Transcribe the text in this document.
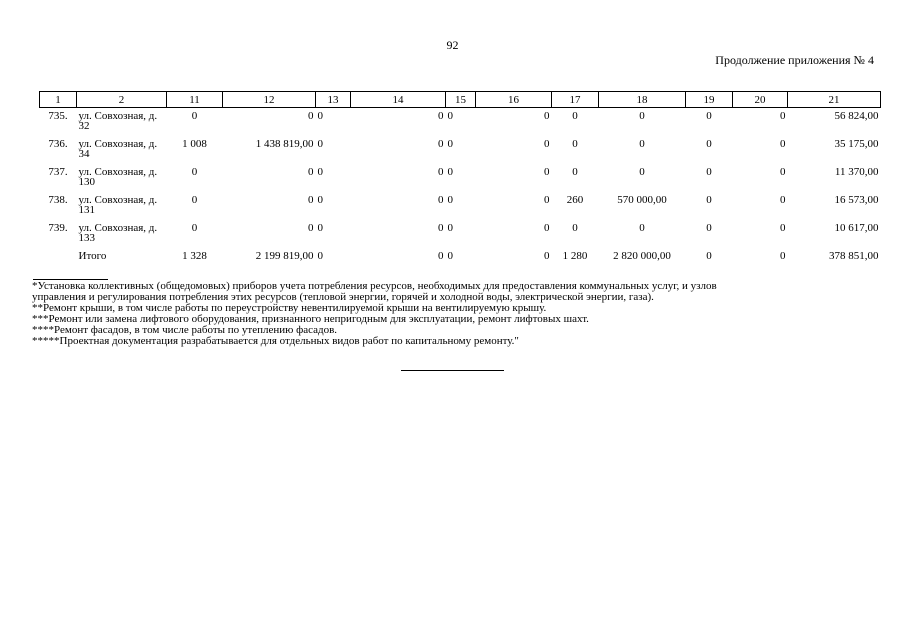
92
Продолжение приложения № 4
1	2	11	12	13	14	15	16	17	18	19	20	21
735.	ул. Совхозная, д. 32	0	0	0	0	0	0	0	0	0	0	56 824,00
736.	ул. Совхозная, д. 34	1 008	1 438 819,00	0	0	0	0	0	0	0	0	35 175,00
737.	ул. Совхозная, д. 130	0	0	0	0	0	0	0	0	0	0	11 370,00
738.	ул. Совхозная, д. 131	0	0	0	0	0	0	260	570 000,00	0	0	16 573,00
739.	ул. Совхозная, д. 133	0	0	0	0	0	0	0	0	0	0	10 617,00
	Итого	1 328	2 199 819,00	0	0	0	0	1 280	2 820 000,00	0	0	378 851,00
*Установка коллективных (общедомовых) приборов учета потребления ресурсов, необходимых для предоставления коммунальных услуг, и узлов
управления и регулирования потребления этих ресурсов (тепловой энергии, горячей и холодной воды, электрической энергии, газа).
**Ремонт крыши, в том числе работы по переустройству невентилируемой крыши на вентилируемую крышу.
***Ремонт или замена лифтового оборудования, признанного непригодным для эксплуатации, ремонт лифтовых шахт.
****Ремонт фасадов, в том числе работы по утеплению фасадов.
*****Проектная документация разрабатывается для отдельных видов работ по капитальному ремонту."
